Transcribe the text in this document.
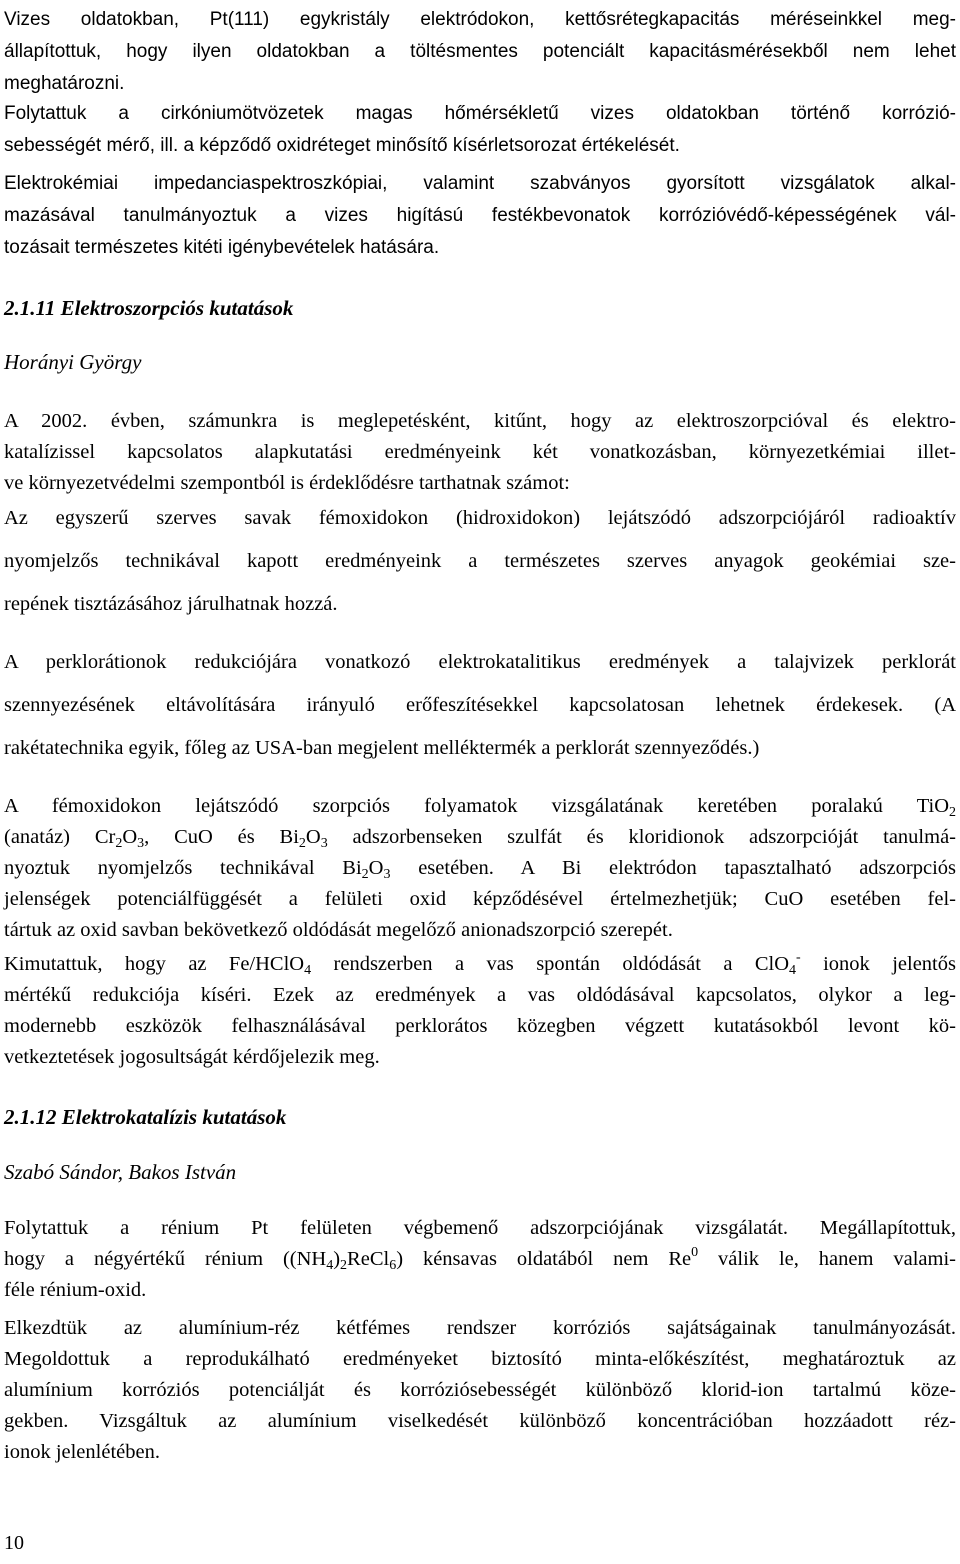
Vizes oldatokban, Pt(111) egykristály elektródokon, kettősrétegkapacitás méréseinkkel meg-
állapítottuk, hogy ilyen oldatokban a töltésmentes potenciált kapacitásmérésekből nem lehet
meghatározni.

Folytattuk a cirkóniumötvözetek magas hőmérsékletű vizes oldatokban történő korrózió-
sebességét mérő, ill. a képződő oxidréteget minősítő kísérletsorozat értékelését.

Elektrokémiai impedanciaspektroszkópiai, valamint szabványos gyorsított vizsgálatok alkal-
mazásával tanulmányoztuk a vizes higítású festékbevonatok korrózióvédő-képességének vál-
tozásait természetes kitéti igénybevételek hatására.

2.1.11 Elektroszorpciós kutatások
Horányi György

A 2002. évben, számunkra is meglepetésként, kitűnt, hogy az elektroszorpcióval és elektro-
katalízissel kapcsolatos alapkutatási eredményeink két vonatkozásban, környezetkémiai illet-
ve környezetvédelmi szempontból is érdeklődésre tarthatnak számot:

Az egyszerű szerves savak fémoxidokon (hidroxidokon) lejátszódó adszorpciójáról radioaktív
nyomjelzős technikával kapott eredményeink a természetes szerves anyagok geokémiai sze-
repének tisztázásához járulhatnak hozzá.

A perklorátionok redukciójára vonatkozó elektrokatalitikus eredmények a talajvizek perklorát
szennyezésének eltávolítására irányuló erőfeszítésekkel kapcsolatosan lehetnek érdekesek. (A
rakétatechnika egyik, főleg az USA-ban megjelent melléktermék a perklorát szennyeződés.)

A fémoxidokon lejátszódó szorpciós folyamatok vizsgálatának keretében poralakú TiO$_2$
(anatáz) $Cr_2O_3$, CuO és $Bi_2O_3$ adszorbenseken szulfát és kloridionok adszorpcióját tanulmá-
nyoztuk nyomjelzős technikával $Bi_2O_3$ esetében. A Bi elektródon tapasztalható adszorpciós
jelenségek potenciálfüggését a felületi oxid képződésével értelmezhetjük; CuO esetében fel-
tártuk az oxid savban bekövetkező oldódását megelőző anionadszorpció szerepét.

Kimutattuk, hogy az Fe/HClO$_4$ rendszerben a vas spontán oldódását a ClO$_4$- ionok jelentős
mértékű redukciója kíséri. Ezek az eredmények a vas oldódásával kapcsolatos, olykor a leg-
modernebb eszközök felhasználásával perklorátos közegben végzett kutatásokból levont kö-
vetkeztetések jogosultságát kérdőjelezik meg.

2.1.12 Elektrokatalízis kutatások
Szabó Sándor, Bakos István

Folytattuk a rénium Pt felületen végbemenő adszorpciójának vizsgálatát. Megállapítottuk,
hogy a négyértékű rénium $((NH_4)_2ReCl_6)$ kénsavas oldatából nem Re$^0$ válik le, hanem valami-
féle rénium-oxid.

Elkezdtük az alumínium-réz kétfémes rendszer korróziós sajátságainak tanulmányozását.
Megoldottuk a reprodukálható eredményeket biztosító minta-előkészítést, meghatároztuk az
alumínium korróziós potenciálját és korróziósebességét különböző klorid-ion tartalmú köze-
gekben. Vizsgáltuk az alumínium viselkedését különböző koncentrációban hozzáadott réz-
ionok jelenlétében.

10
